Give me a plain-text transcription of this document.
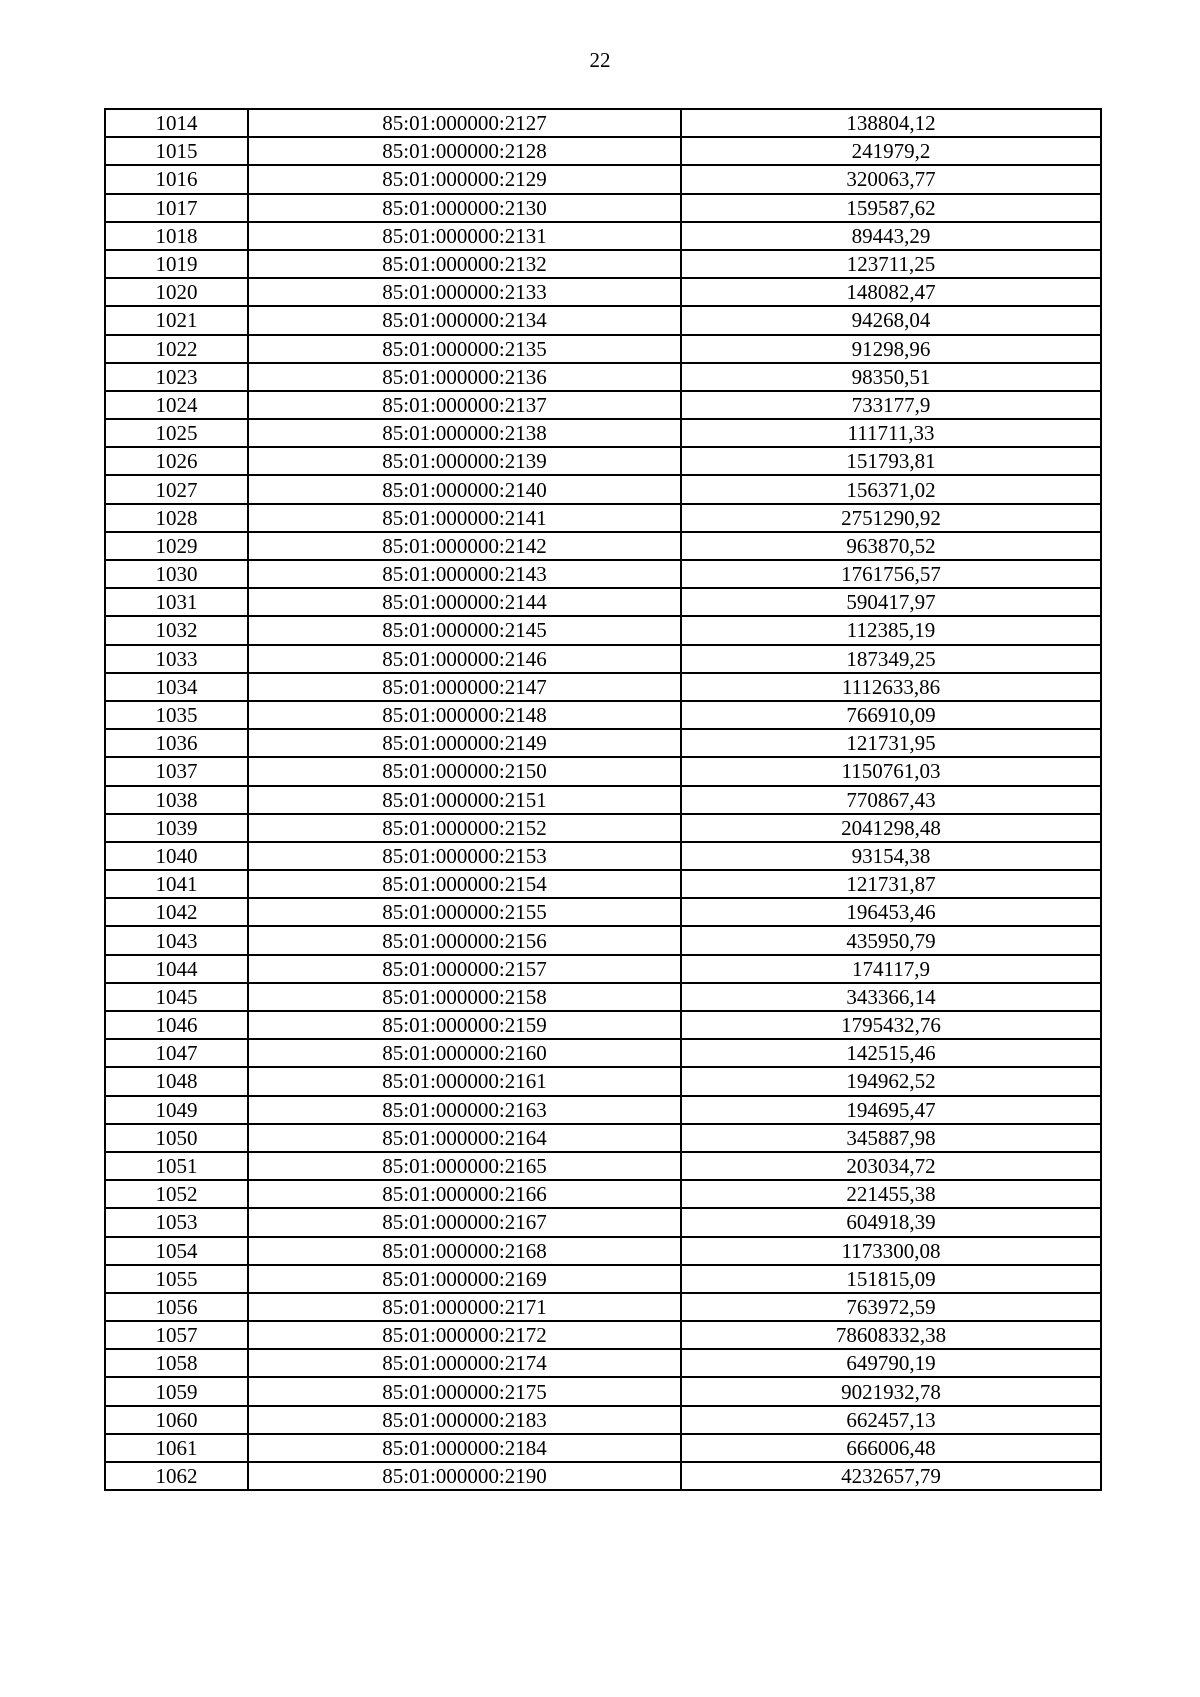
22
1014	85:01:000000:2127	138804,12
1015	85:01:000000:2128	241979,2
1016	85:01:000000:2129	320063,77
1017	85:01:000000:2130	159587,62
1018	85:01:000000:2131	89443,29
1019	85:01:000000:2132	123711,25
1020	85:01:000000:2133	148082,47
1021	85:01:000000:2134	94268,04
1022	85:01:000000:2135	91298,96
1023	85:01:000000:2136	98350,51
1024	85:01:000000:2137	733177,9
1025	85:01:000000:2138	111711,33
1026	85:01:000000:2139	151793,81
1027	85:01:000000:2140	156371,02
1028	85:01:000000:2141	2751290,92
1029	85:01:000000:2142	963870,52
1030	85:01:000000:2143	1761756,57
1031	85:01:000000:2144	590417,97
1032	85:01:000000:2145	112385,19
1033	85:01:000000:2146	187349,25
1034	85:01:000000:2147	1112633,86
1035	85:01:000000:2148	766910,09
1036	85:01:000000:2149	121731,95
1037	85:01:000000:2150	1150761,03
1038	85:01:000000:2151	770867,43
1039	85:01:000000:2152	2041298,48
1040	85:01:000000:2153	93154,38
1041	85:01:000000:2154	121731,87
1042	85:01:000000:2155	196453,46
1043	85:01:000000:2156	435950,79
1044	85:01:000000:2157	174117,9
1045	85:01:000000:2158	343366,14
1046	85:01:000000:2159	1795432,76
1047	85:01:000000:2160	142515,46
1048	85:01:000000:2161	194962,52
1049	85:01:000000:2163	194695,47
1050	85:01:000000:2164	345887,98
1051	85:01:000000:2165	203034,72
1052	85:01:000000:2166	221455,38
1053	85:01:000000:2167	604918,39
1054	85:01:000000:2168	1173300,08
1055	85:01:000000:2169	151815,09
1056	85:01:000000:2171	763972,59
1057	85:01:000000:2172	78608332,38
1058	85:01:000000:2174	649790,19
1059	85:01:000000:2175	9021932,78
1060	85:01:000000:2183	662457,13
1061	85:01:000000:2184	666006,48
1062	85:01:000000:2190	4232657,79
